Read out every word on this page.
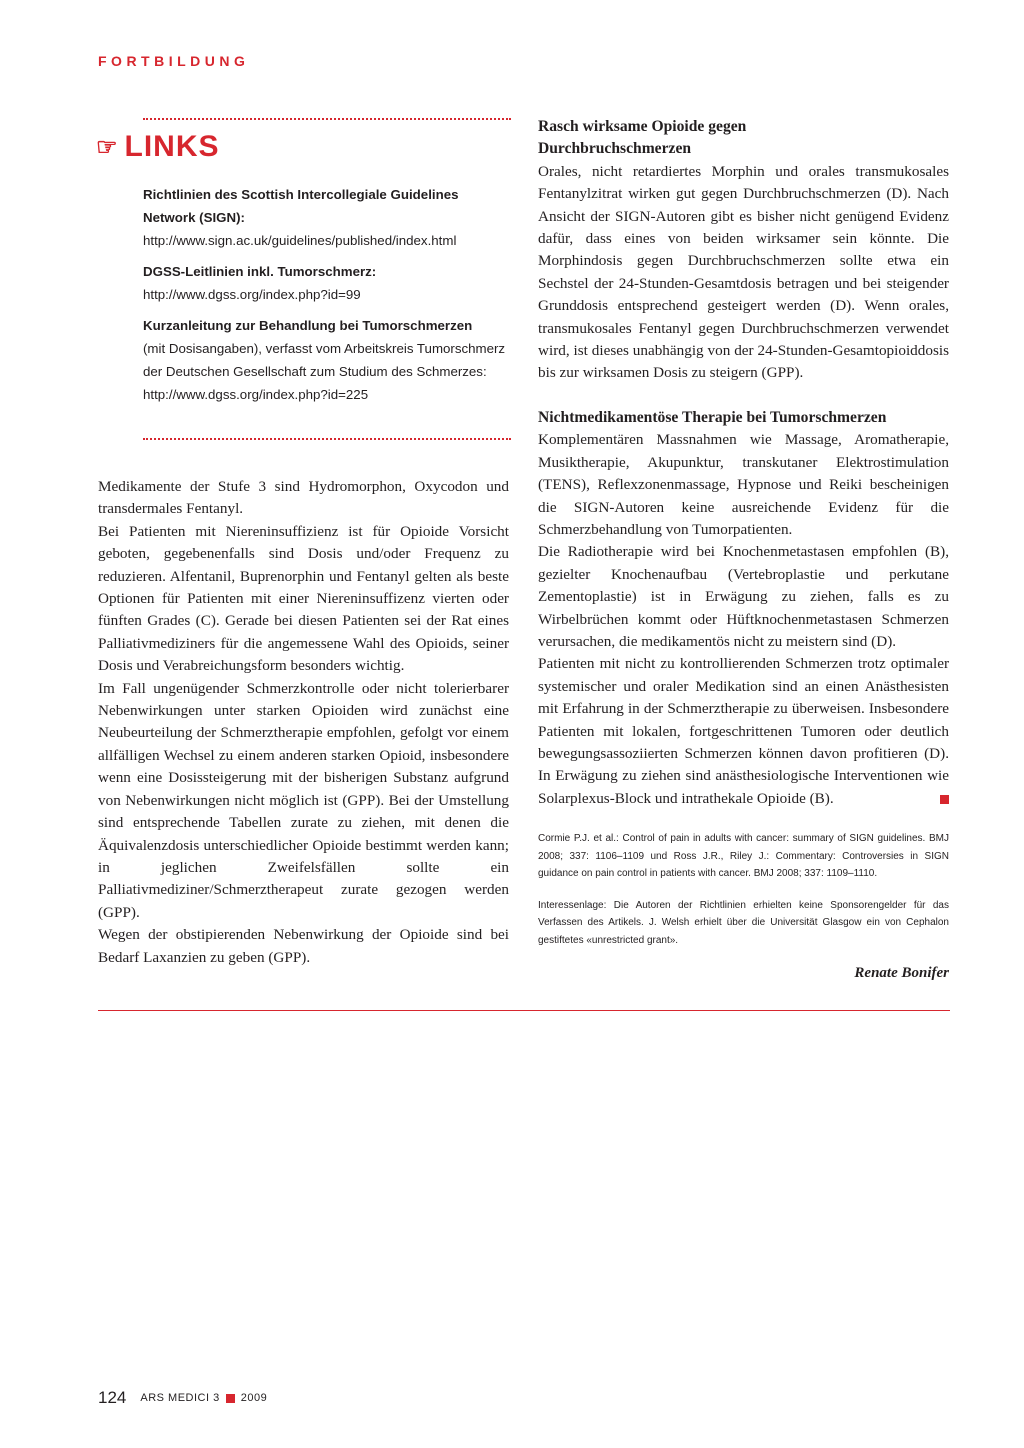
FORTBILDUNG
☞ LINKS
Richtlinien des Scottish Intercollegiale Guidelines Network (SIGN):
http://www.sign.ac.uk/guidelines/published/index.html
DGSS-Leitlinien inkl. Tumorschmerz:
http://www.dgss.org/index.php?id=99
Kurzanleitung zur Behandlung bei Tumorschmerzen
(mit Dosisangaben), verfasst vom Arbeitskreis Tumorschmerz der Deutschen Gesellschaft zum Studium des Schmerzes:
http://www.dgss.org/index.php?id=225

Medikamente der Stufe 3 sind Hydromorphon, Oxycodon und transdermales Fentanyl.

Bei Patienten mit Niereninsuffizienz ist für Opioide Vorsicht geboten, gegebenenfalls sind Dosis und/oder Frequenz zu reduzieren. Alfentanil, Buprenorphin und Fentanyl gelten als beste Optionen für Patienten mit einer Niereninsuffizenz vierten oder fünften Grades (C). Gerade bei diesen Patienten sei der Rat eines Palliativmediziners für die angemessene Wahl des Opioids, seiner Dosis und Verabreichungsform besonders wichtig.

Im Fall ungenügender Schmerzkontrolle oder nicht tolerierbarer Nebenwirkungen unter starken Opioiden wird zunächst eine Neubeurteilung der Schmerztherapie empfohlen, gefolgt vor einem allfälligen Wechsel zu einem anderen starken Opioid, insbesondere wenn eine Dosissteigerung mit der bisherigen Substanz aufgrund von Nebenwirkungen nicht möglich ist (GPP). Bei der Umstellung sind entsprechende Tabellen zurate zu ziehen, mit denen die Äquivalenzdosis unterschiedlicher Opioide bestimmt werden kann; in jeglichen Zweifelsfällen sollte ein Palliativmediziner/Schmerztherapeut zurate gezogen werden (GPP).

Wegen der obstipierenden Nebenwirkung der Opioide sind bei Bedarf Laxanzien zu geben (GPP).

Rasch wirksame Opioide gegen Durchbruchschmerzen

Orales, nicht retardiertes Morphin und orales transmukosales Fentanylzitrat wirken gut gegen Durchbruchschmerzen (D). Nach Ansicht der SIGN-Autoren gibt es bisher nicht genügend Evidenz dafür, dass eines von beiden wirksamer sein könnte. Die Morphindosis gegen Durchbruchschmerzen sollte etwa ein Sechstel der 24-Stunden-Gesamtdosis betragen und bei steigender Grunddosis entsprechend gesteigert werden (D). Wenn orales, transmukosales Fentanyl gegen Durchbruchschmerzen verwendet wird, ist dieses unabhängig von der 24-Stunden-Gesamtopioiddosis bis zur wirksamen Dosis zu steigern (GPP).

Nichtmedikamentöse Therapie bei Tumorschmerzen

Komplementären Massnahmen wie Massage, Aromatherapie, Musiktherapie, Akupunktur, transkutaner Elektrostimulation (TENS), Reflexzonenmassage, Hypnose und Reiki bescheinigen die SIGN-Autoren keine ausreichende Evidenz für die Schmerzbehandlung von Tumorpatienten.

Die Radiotherapie wird bei Knochenmetastasen empfohlen (B), gezielter Knochenaufbau (Vertebroplastie und perkutane Zementoplastie) ist in Erwägung zu ziehen, falls es zu Wirbelbrüchen kommt oder Hüftknochenmetastasen Schmerzen verursachen, die medikamentös nicht zu meistern sind (D).

Patienten mit nicht zu kontrollierenden Schmerzen trotz optimaler systemischer und oraler Medikation sind an einen Anästhesisten mit Erfahrung in der Schmerztherapie zu überweisen. Insbesondere Patienten mit lokalen, fortgeschrittenen Tumoren oder deutlich bewegungsassoziierten Schmerzen können davon profitieren (D). In Erwägung zu ziehen sind anästhesiologische Interventionen wie Solarplexus-Block und intrathekale Opioide (B).

Cormie P.J. et al.: Control of pain in adults with cancer: summary of SIGN guidelines. BMJ 2008; 337: 1106–1109 und Ross J.R., Riley J.: Commentary: Controversies in SIGN guidance on pain control in patients with cancer. BMJ 2008; 337: 1109–1110.

Interessenlage: Die Autoren der Richtlinien erhielten keine Sponsorengelder für das Verfassen des Artikels. J. Welsh erhielt über die Universität Glasgow ein von Cephalon gestiftetes «unrestricted grant».

Renate Bonifer

124 ARS MEDICI 3 2009
